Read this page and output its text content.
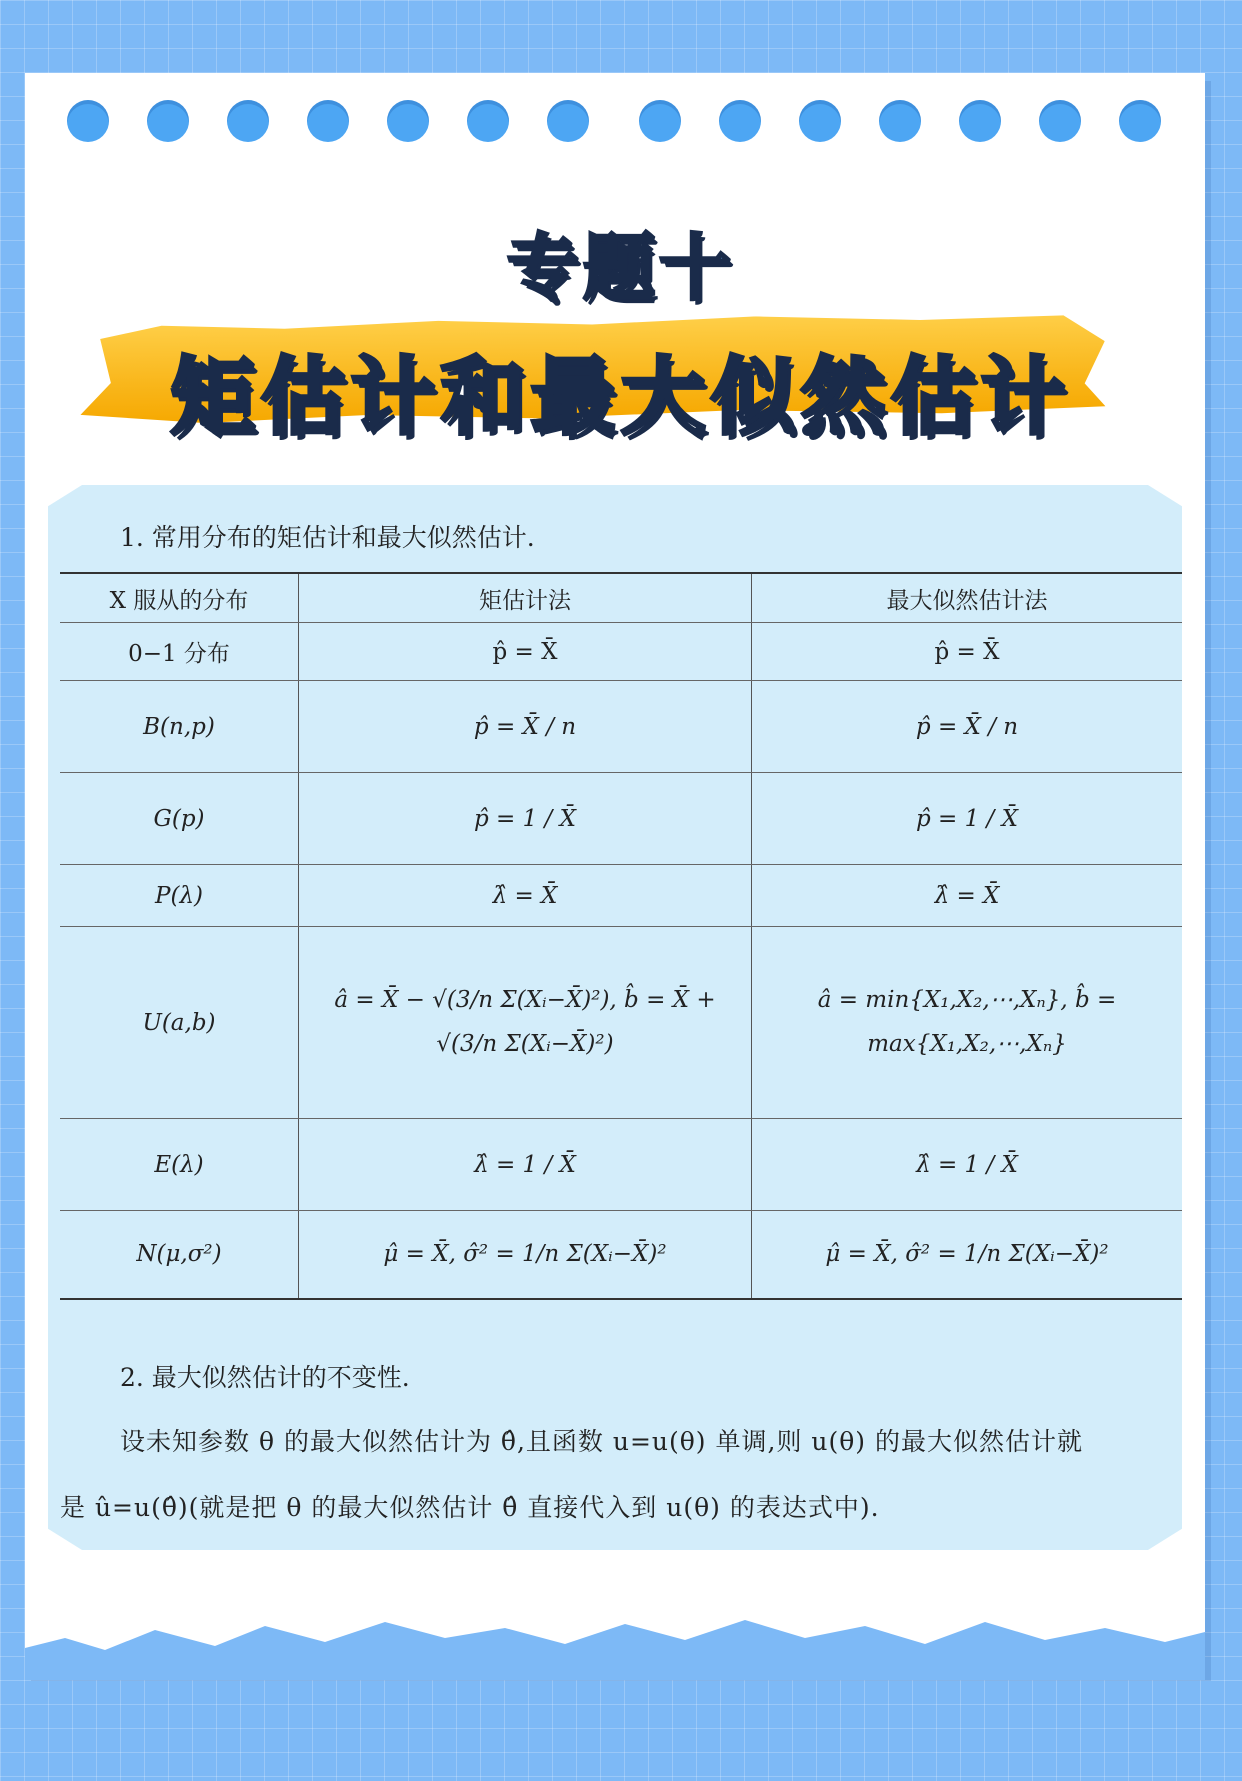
专题十
矩估计和最大似然估计
1. 常用分布的矩估计和最大似然估计.
X 服从的分布	矩估计法	最大似然估计法
0−1 分布	p̂ = X̄	p̂ = X̄
B(n,p)	p̂ = X̄ / n	p̂ = X̄ / n
G(p)	p̂ = 1 / X̄	p̂ = 1 / X̄
P(λ)	λ̂ = X̄	λ̂ = X̄
U(a,b)	â = X̄ − √(3/n Σ(Xᵢ−X̄)²), b̂ = X̄ + √(3/n Σ(Xᵢ−X̄)²)	â = min{X₁,X₂,⋯,Xₙ}, b̂ = max{X₁,X₂,⋯,Xₙ}
E(λ)	λ̂ = 1 / X̄	λ̂ = 1 / X̄
N(μ,σ²)	μ̂ = X̄, σ̂² = 1/n Σ(Xᵢ−X̄)²	μ̂ = X̄, σ̂² = 1/n Σ(Xᵢ−X̄)²
2. 最大似然估计的不变性.
设未知参数 θ 的最大似然估计为 θ̂,且函数 u=u(θ) 单调,则 u(θ) 的最大似然估计就
是 û=u(θ̂)(就是把 θ 的最大似然估计 θ̂ 直接代入到 u(θ) 的表达式中).
